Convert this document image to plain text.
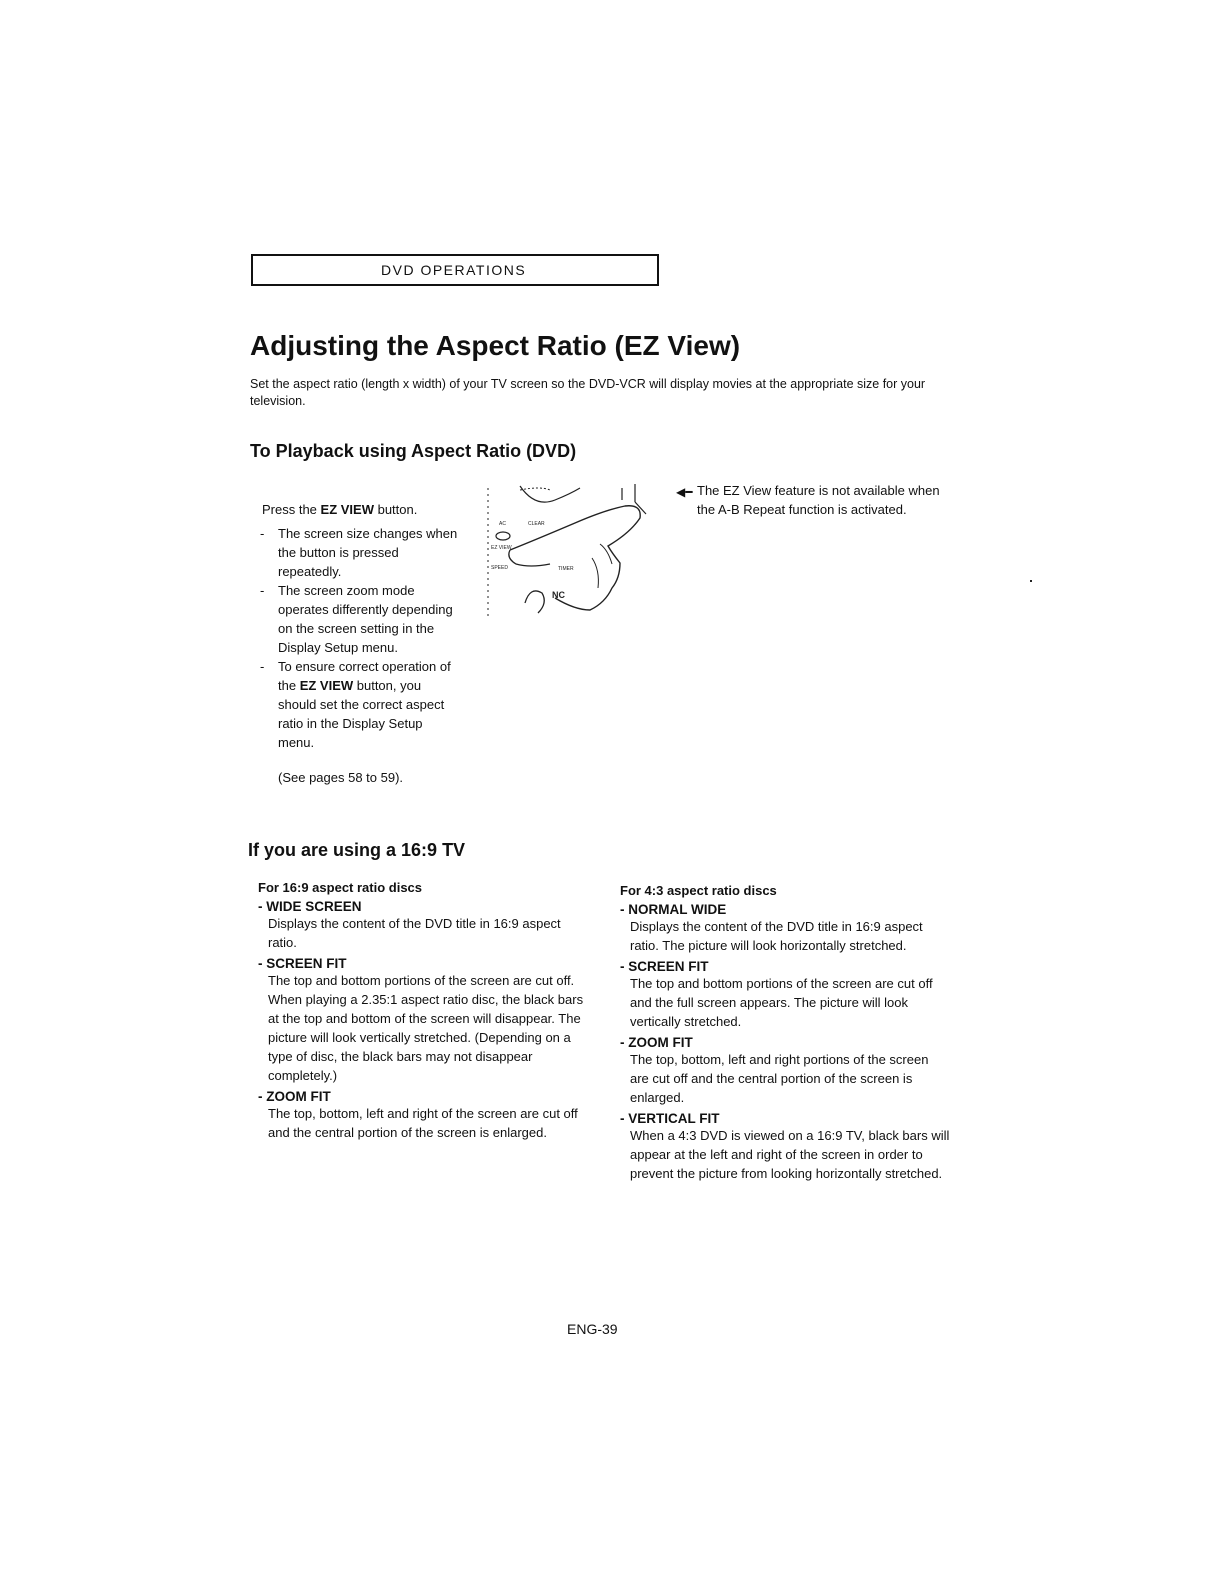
DVD OPERATIONS
Adjusting the Aspect Ratio (EZ View)

Set the aspect ratio (length x width) of your TV screen so the DVD-VCR will display movies at the appropriate size for your television.

To Playback using Aspect Ratio (DVD)

Press the EZ VIEW button.

- The screen size changes when the button is pressed repeatedly.
- The screen zoom mode operates differently depending on the screen setting in the Display Setup menu.
- To ensure correct operation of the EZ VIEW button, you should set the correct aspect ratio in the Display Setup menu.

(See pages 58 to 59).

AC	CLEAR
EZ VIEW
SPEED	TIMER
NC
◀━ The EZ View feature is not available when the A-B Repeat function is activated.
If you are using a 16:9 TV

For 16:9 aspect ratio discs

- WIDE SCREEN

Displays the content of the DVD title in 16:9 aspect ratio.

- SCREEN FIT

The top and bottom portions of the screen are cut off. When playing a 2.35:1 aspect ratio disc, the black bars at the top and bottom of the screen will disappear. The picture will look vertically stretched. (Depending on a type of disc, the black bars may not disappear completely.)

- ZOOM FIT

The top, bottom, left and right of the screen are cut off and the central portion of the screen is enlarged.

For 4:3 aspect ratio discs

- NORMAL WIDE

Displays the content of the DVD title in 16:9 aspect ratio. The picture will look horizontally stretched.

- SCREEN FIT

The top and bottom portions of the screen are cut off and the full screen appears. The picture will look vertically stretched.

- ZOOM FIT

The top, bottom, left and right portions of the screen are cut off and the central portion of the screen is enlarged.

- VERTICAL FIT

When a 4:3 DVD is viewed on a 16:9 TV, black bars will appear at the left and right of the screen in order to prevent the picture from looking horizontally stretched.

ENG-39
